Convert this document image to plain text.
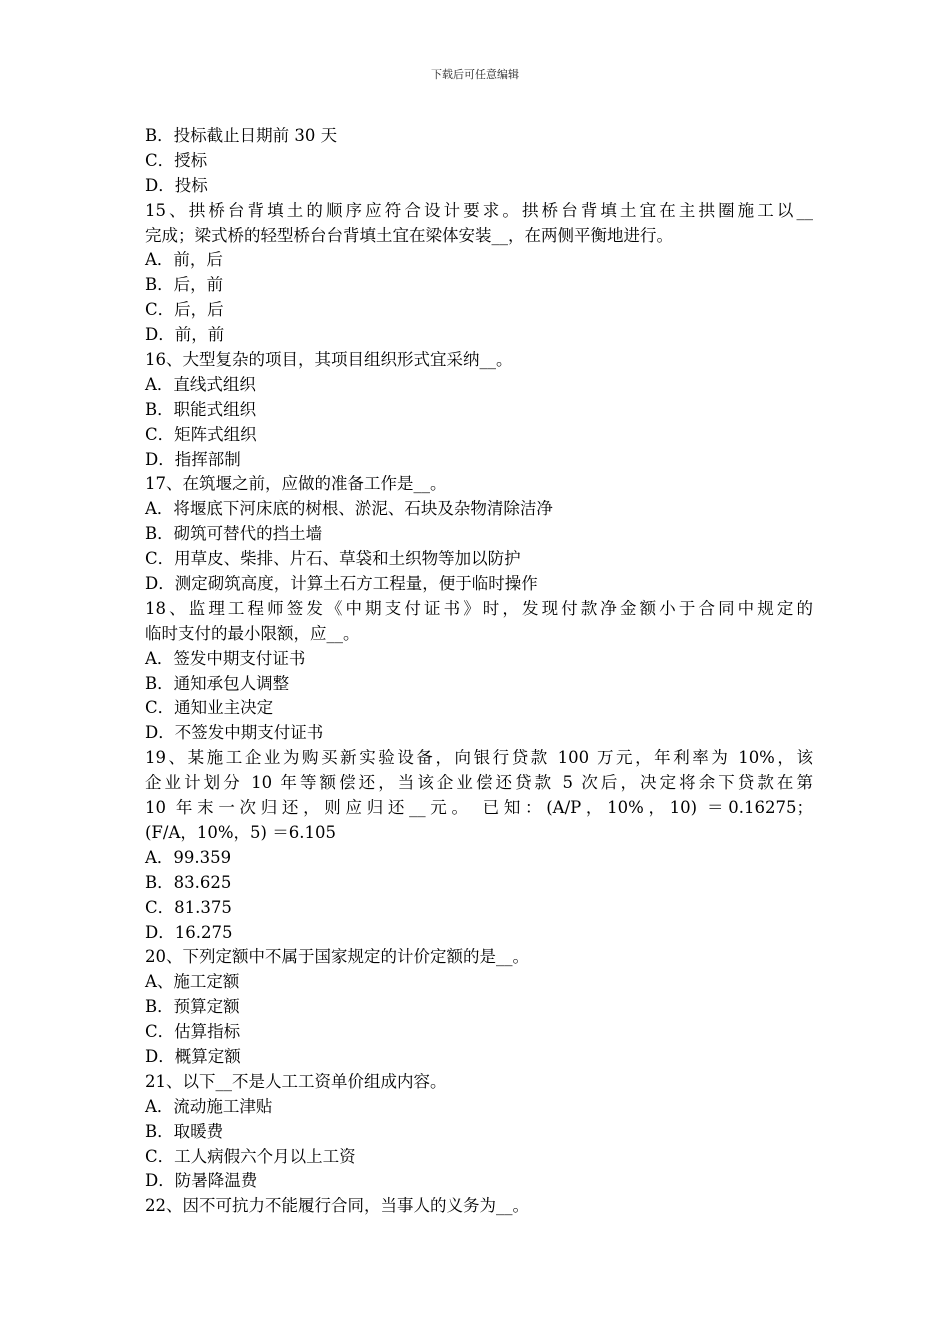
下载后可任意编辑
B．投标截止日期前 30 天
C．授标
D．投标
15、拱桥台背填土的顺序应符合设计要求。拱桥台背填土宜在主拱圈施工以__
完成；梁式桥的轻型桥台台背填土宜在梁体安装__，在两侧平衡地进行。
A．前，后
B．后，前
C．后，后
D．前，前
16、大型复杂的项目，其项目组织形式宜采纳__。
A．直线式组织
B．职能式组织
C．矩阵式组织
D．指挥部制
17、在筑堰之前，应做的准备工作是__。
A．将堰底下河床底的树根、淤泥、石块及杂物清除洁净
B．砌筑可替代的挡土墙
C．用草皮、柴排、片石、草袋和土织物等加以防护
D．测定砌筑高度，计算土石方工程量，便于临时操作
18、监理工程师签发《中期支付证书》时，发现付款净金额小于合同中规定的
临时支付的最小限额，应__。
A．签发中期支付证书
B．通知承包人调整
C．通知业主决定
D．不签发中期支付证书
19、某施工企业为购买新实验设备，向银行贷款 100 万元，年利率为 10%，该
企业计划分 10 年等额偿还，当该企业偿还贷款 5 次后，决定将余下贷款在第
10 年末一次归还，则应归还__元。 已知：(A/P，10%，10) ＝0.16275；
(F/A，10%，5) ＝6.105
A．99.359
B．83.625
C．81.375
D．16.275
20、下列定额中不属于国家规定的计价定额的是__。
A、施工定额
B．预算定额
C．估算指标
D．概算定额
21、以下__不是人工工资单价组成内容。
A．流动施工津贴
B．取暖费
C．工人病假六个月以上工资
D．防暑降温费
22、因不可抗力不能履行合同，当事人的义务为__。
